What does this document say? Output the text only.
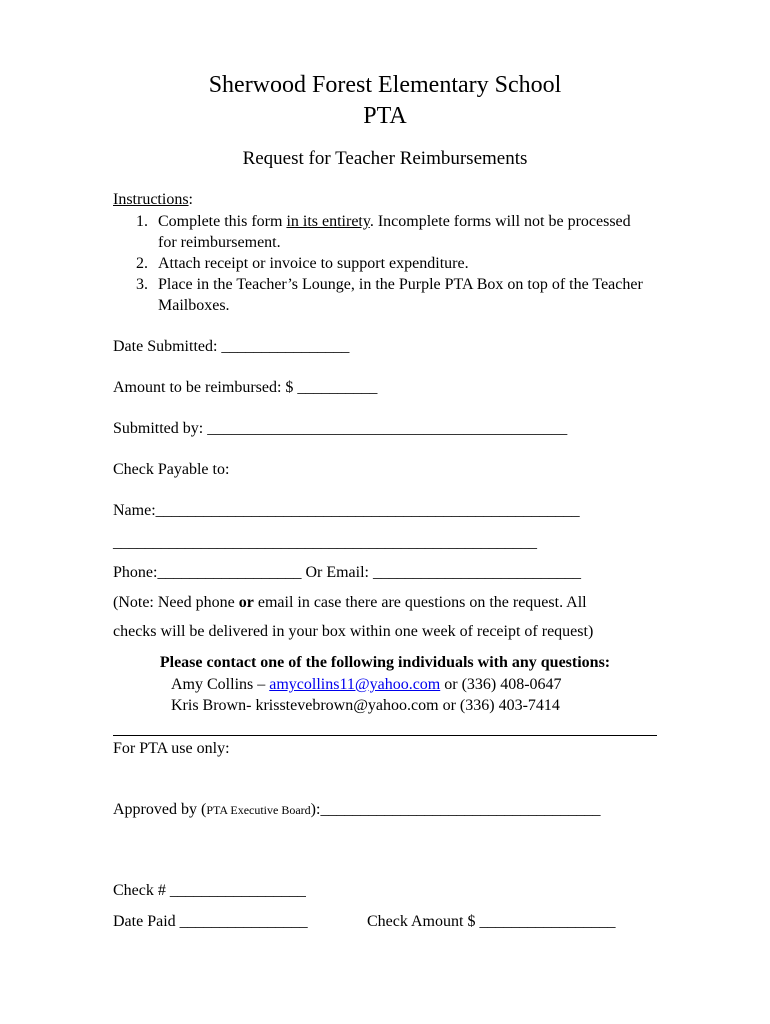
Sherwood Forest Elementary School
PTA
Request for Teacher Reimbursements
Instructions:
1. Complete this form in its entirety. Incomplete forms will not be processed for reimbursement.
2. Attach receipt or invoice to support expenditure.
3. Place in the Teacher’s Lounge, in the Purple PTA Box on top of the Teacher Mailboxes.
Date Submitted: ________________
Amount to be reimbursed: $ __________
Submitted by: _____________________________________________
Check Payable to:
Name:_____________________________________________________
_____________________________________________________
Phone:__________________ Or Email: __________________________
(Note: Need phone or email in case there are questions on the request. All
checks will be delivered in your box within one week of receipt of request)
Please contact one of the following individuals with any questions:
Amy Collins – amycollins11@yahoo.com or (336) 408-0647
Kris Brown- krisstevebrown@yahoo.com or (336) 403-7414
For PTA use only:
Approved by (PTA Executive Board):___________________________________
Check # _________________
Date Paid ________________	Check Amount $ _________________
